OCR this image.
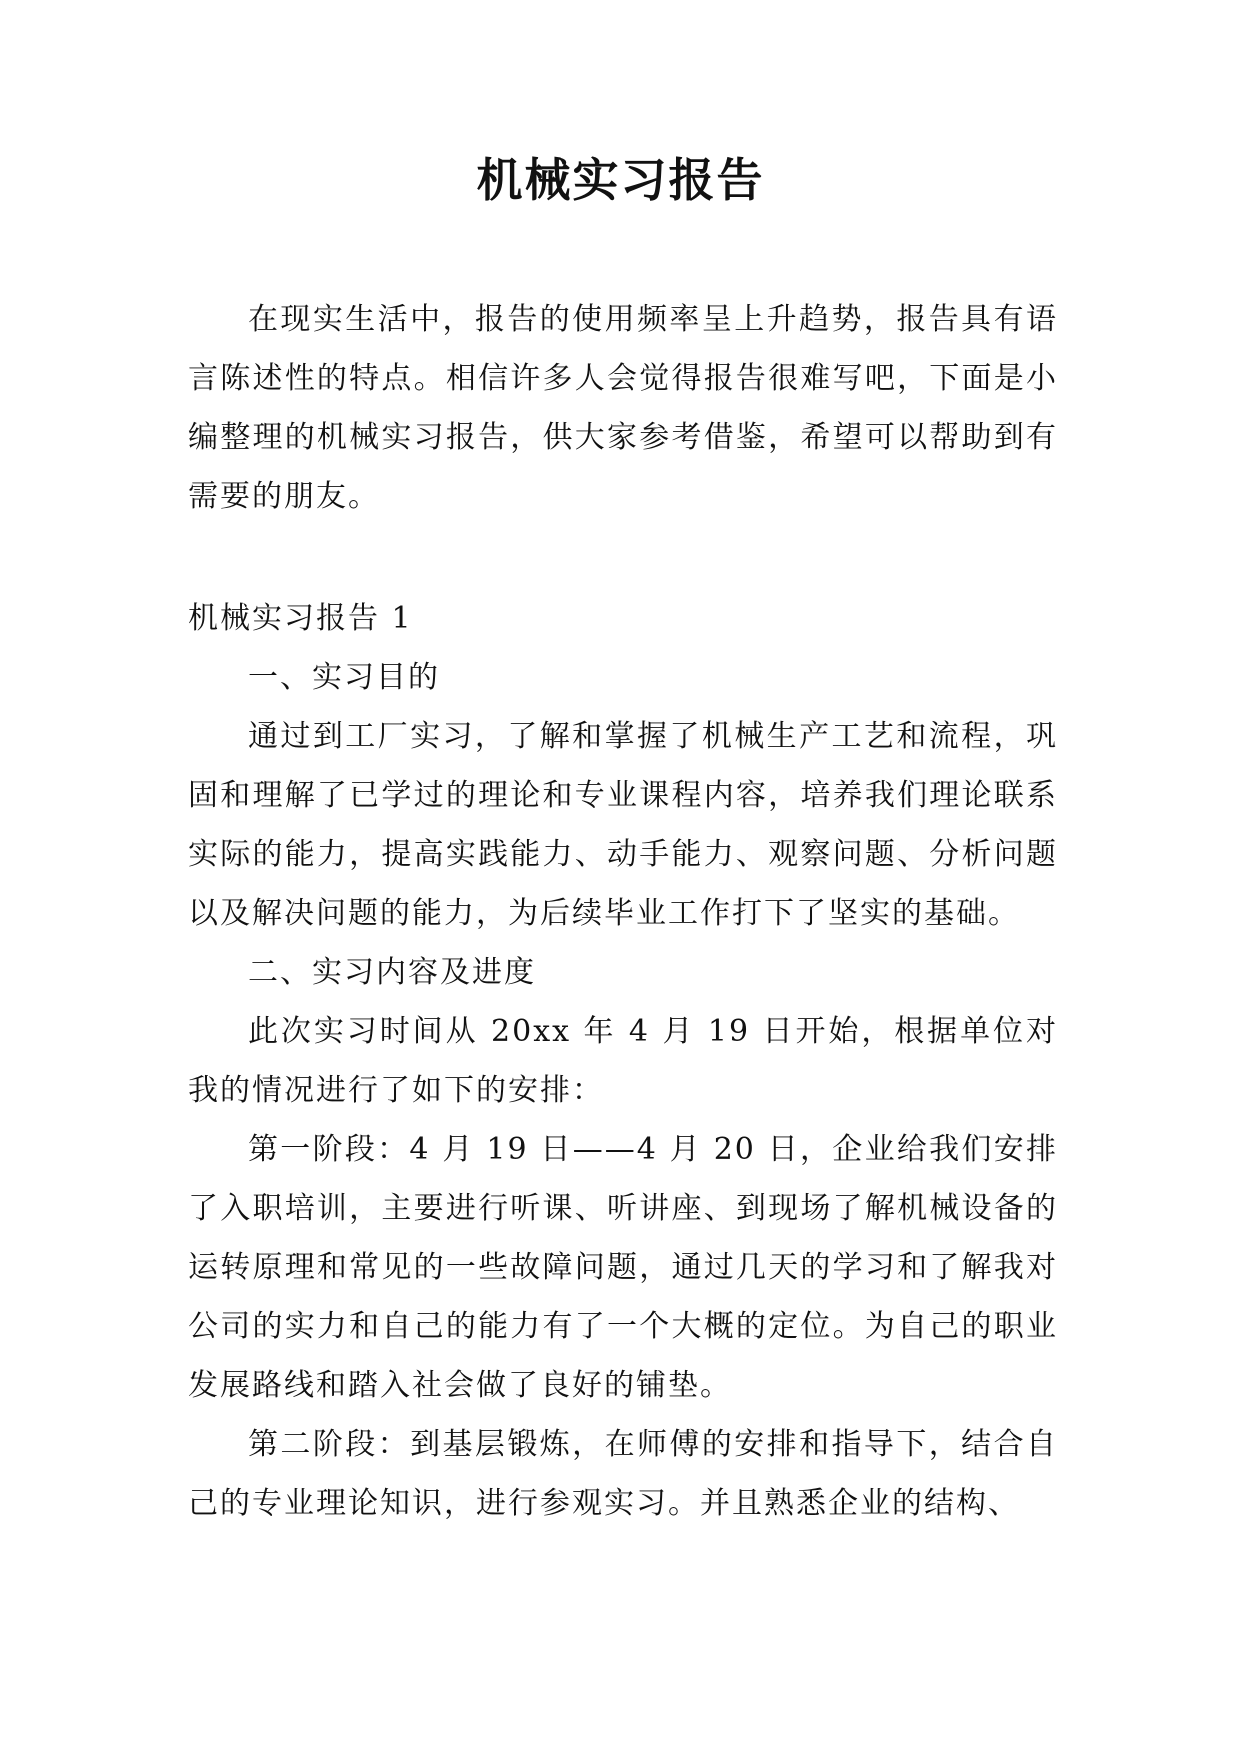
机械实习报告

在现实生活中，报告的使用频率呈上升趋势，报告具有语言陈述性的特点。相信许多人会觉得报告很难写吧，下面是小编整理的机械实习报告，供大家参考借鉴，希望可以帮助到有需要的朋友。

机械实习报告 1

一、实习目的

通过到工厂实习，了解和掌握了机械生产工艺和流程，巩固和理解了已学过的理论和专业课程内容，培养我们理论联系实际的能力，提高实践能力、动手能力、观察问题、分析问题以及解决问题的能力，为后续毕业工作打下了坚实的基础。

二、实习内容及进度

此次实习时间从 20xx 年 4 月 19 日开始，根据单位对我的情况进行了如下的安排：

第一阶段：4 月 19 日——4 月 20 日，企业给我们安排了入职培训，主要进行听课、听讲座、到现场了解机械设备的运转原理和常见的一些故障问题，通过几天的学习和了解我对公司的实力和自己的能力有了一个大概的定位。为自己的职业发展路线和踏入社会做了良好的铺垫。

第二阶段：到基层锻炼，在师傅的安排和指导下，结合自己的专业理论知识，进行参观实习。并且熟悉企业的结构、
